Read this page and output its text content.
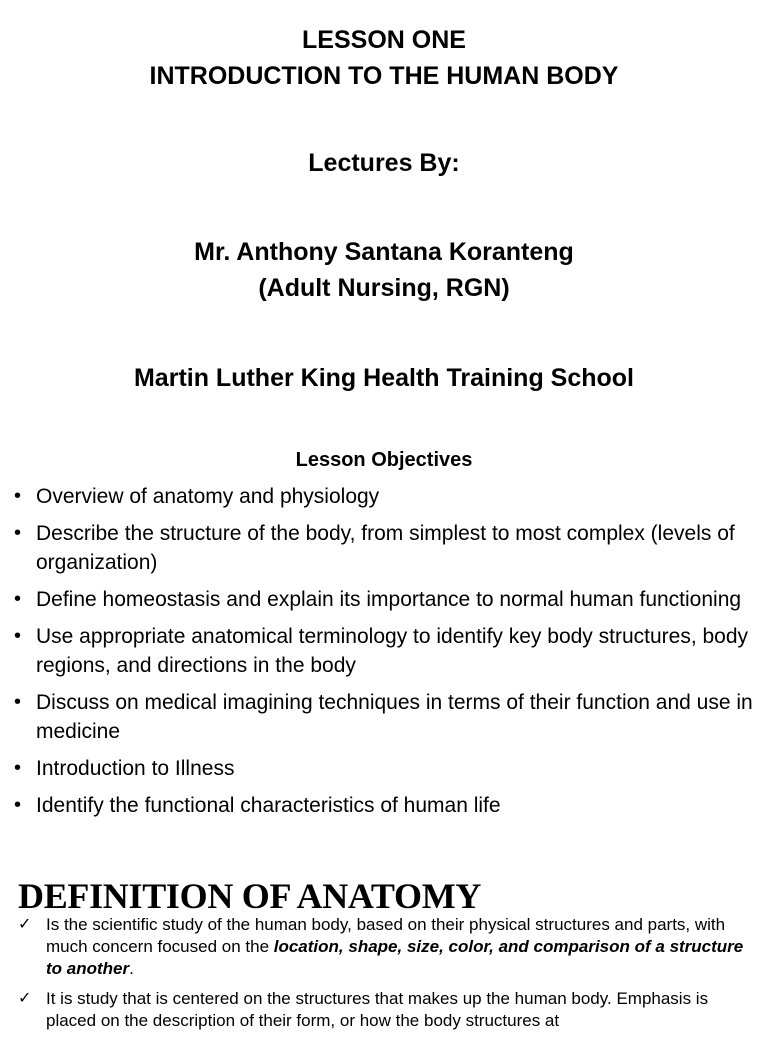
LESSON ONE
INTRODUCTION TO THE HUMAN BODY
Lectures By:
Mr. Anthony Santana Koranteng
(Adult Nursing, RGN)
Martin Luther King Health Training School
Lesson Objectives
• Overview of anatomy and physiology
• Describe the structure of the body, from simplest to most complex (levels of organization)
• Define homeostasis and explain its importance to normal human functioning
• Use appropriate anatomical terminology to identify key body structures, body regions, and directions in the body
• Discuss on medical imagining techniques in terms of their function and use in medicine
• Introduction to Illness
• Identify the functional characteristics of human life
DEFINITION OF ANATOMY
✓ Is the scientific study of the human body, based on their physical structures and parts, with much concern focused on the location, shape, size, color, and comparison of a structure to another.
✓ It is study that is centered on the structures that makes up the human body. Emphasis is placed on the description of their form, or how the body structures at
